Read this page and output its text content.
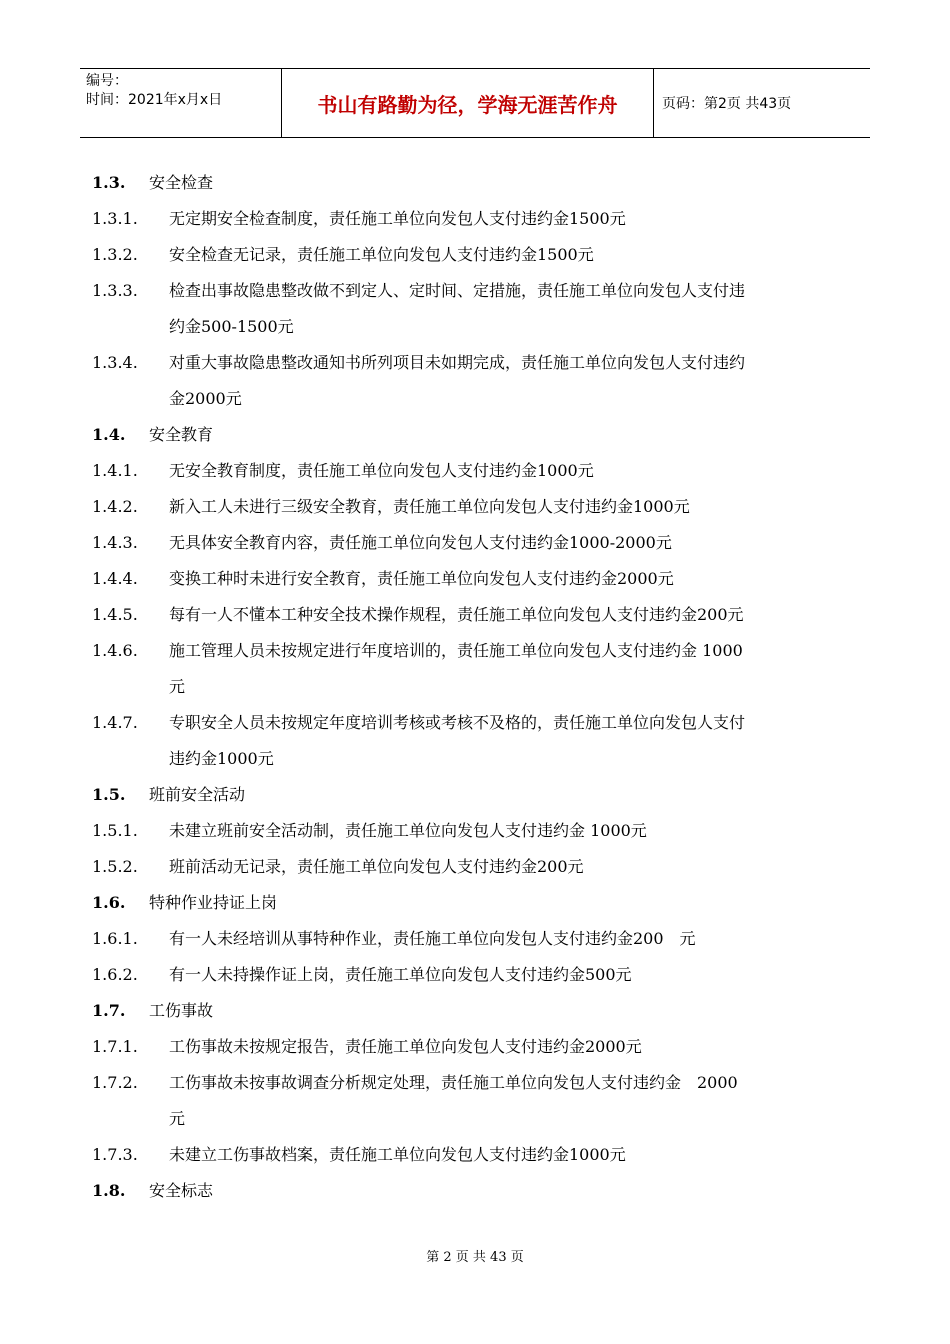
编号：
时间：2021年x月x日	书山有路勤为径，学海无涯苦作舟	页码：第2页 共43页
1.3.	安全检查
1.3.1.	无定期安全检查制度，责任施工单位向发包人支付违约金1500元
1.3.2.	安全检查无记录，责任施工单位向发包人支付违约金1500元
1.3.3.	检查出事故隐患整改做不到定人、定时间、定措施，责任施工单位向发包人支付违
约金500-1500元
1.3.4.	对重大事故隐患整改通知书所列项目未如期完成，责任施工单位向发包人支付违约
金2000元
1.4.	安全教育
1.4.1.	无安全教育制度，责任施工单位向发包人支付违约金1000元
1.4.2.	新入工人未进行三级安全教育，责任施工单位向发包人支付违约金1000元
1.4.3.	无具体安全教育内容，责任施工单位向发包人支付违约金1000-2000元
1.4.4.	变换工种时未进行安全教育，责任施工单位向发包人支付违约金2000元
1.4.5.	每有一人不懂本工种安全技术操作规程，责任施工单位向发包人支付违约金200元
1.4.6.	施工管理人员未按规定进行年度培训的，责任施工单位向发包人支付违约金 1000
元
1.4.7.	专职安全人员未按规定年度培训考核或考核不及格的，责任施工单位向发包人支付
违约金1000元
1.5.	班前安全活动
1.5.1.	未建立班前安全活动制，责任施工单位向发包人支付违约金 1000元
1.5.2.	班前活动无记录，责任施工单位向发包人支付违约金200元
1.6.	特种作业持证上岗
1.6.1.	有一人未经培训从事特种作业，责任施工单位向发包人支付违约金200　元
1.6.2.	有一人未持操作证上岗，责任施工单位向发包人支付违约金500元
1.7.	工伤事故
1.7.1.	工伤事故未按规定报告，责任施工单位向发包人支付违约金2000元
1.7.2.	工伤事故未按事故调查分析规定处理，责任施工单位向发包人支付违约金　2000
元
1.7.3.	未建立工伤事故档案，责任施工单位向发包人支付违约金1000元
1.8.	安全标志
第 2 页 共 43 页
